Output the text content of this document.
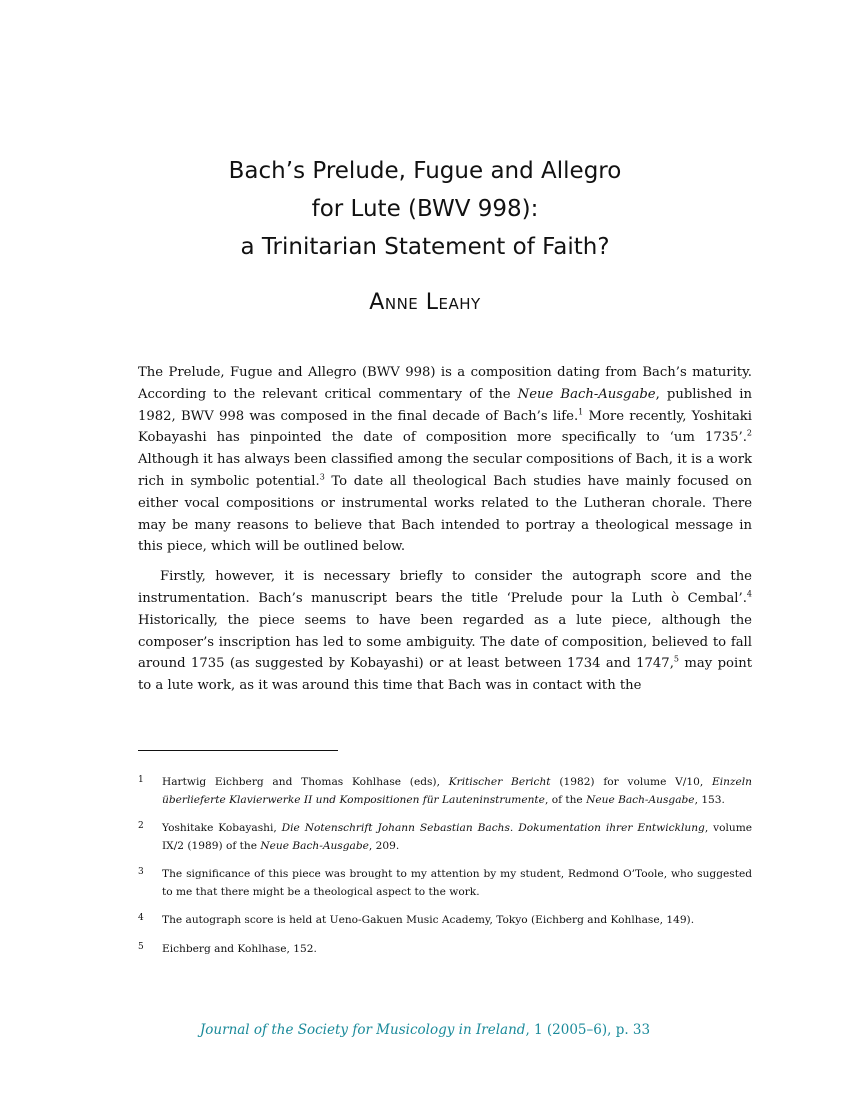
Bach’s Prelude, Fugue and Allegro
for Lute (BWV 998):
a Trinitarian Statement of Faith?
Anne Leahy

The Prelude, Fugue and Allegro (BWV 998) is a composition dating from Bach’s maturity. According to the relevant critical commentary of the Neue Bach-Ausgabe, published in 1982, BWV 998 was composed in the final decade of Bach’s life.$^1$ More recently, Yoshitaki Kobayashi has pinpointed the date of composition more specifically to ‘um 1735’.$^2$ Although it has always been classified among the secular compositions of Bach, it is a work rich in symbolic potential.$^3$ To date all theological Bach studies have mainly focused on either vocal compositions or instrumental works related to the Lutheran chorale. There may be many reasons to believe that Bach intended to portray a theological message in this piece, which will be outlined below.

Firstly, however, it is necessary briefly to consider the autograph score and the instrumentation. Bach’s manuscript bears the title ‘Prelude pour la Luth ò Cembal’.$^4$ Historically, the piece seems to have been regarded as a lute piece, although the composer’s inscription has led to some ambiguity. The date of composition, believed to fall around 1735 (as suggested by Kobayashi) or at least between 1734 and 1747,$^5$ may point to a lute work, as it was around this time that Bach was in contact with the

1 Hartwig Eichberg and Thomas Kohlhase (eds), Kritischer Bericht (1982) for volume V/10, Einzeln überlieferte Klavierwerke II und Kompositionen für Lauteninstrumente, of the Neue Bach-Ausgabe, 153.
2 Yoshitake Kobayashi, Die Notenschrift Johann Sebastian Bachs. Dokumentation ihrer Entwicklung, volume IX/2 (1989) of the Neue Bach-Ausgabe, 209.
3 The significance of this piece was brought to my attention by my student, Redmond O’Toole, who suggested to me that there might be a theological aspect to the work.
4 The autograph score is held at Ueno-Gakuen Music Academy, Tokyo (Eichberg and Kohlhase, 149).
5 Eichberg and Kohlhase, 152.
Journal of the Society for Musicology in Ireland, 1 (2005–6), p. 33
